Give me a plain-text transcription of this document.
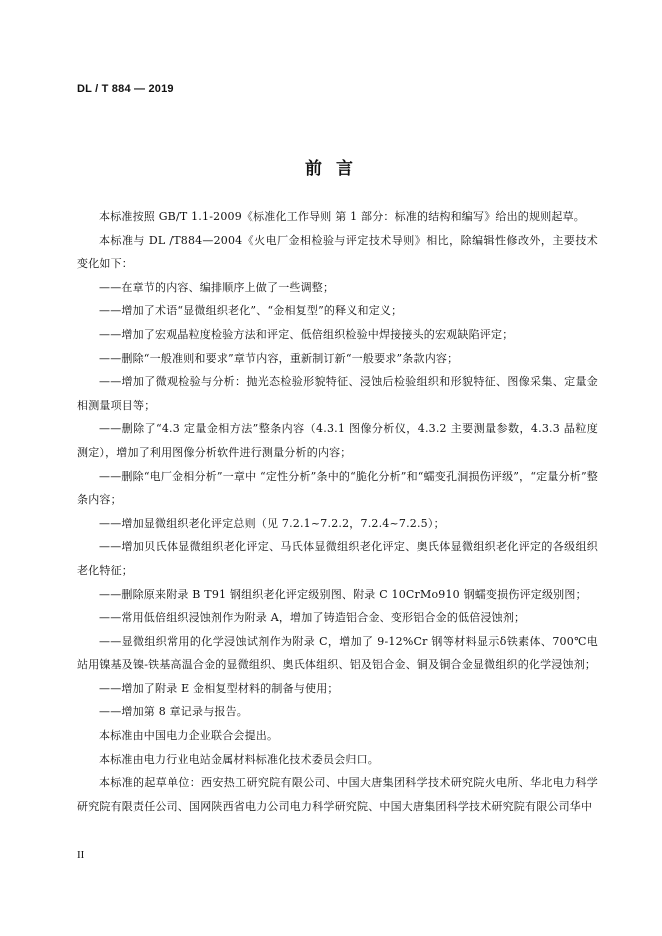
DL / T 884 — 2019
前 言

本标准按照 GB/T 1.1-2009《标准化工作导则 第 1 部分：标准的结构和编写》给出的规则起草。

本标准与 DL /T884—2004《火电厂金相检验与评定技术导则》相比，除编辑性修改外，主要技术变化如下：

——在章节的内容、编排顺序上做了一些调整；

——增加了术语“显微组织老化”、“金相复型”的释义和定义；

——增加了宏观晶粒度检验方法和评定、低倍组织检验中焊接接头的宏观缺陷评定；

——删除“一般准则和要求”章节内容，重新制订新“一般要求”条款内容；

——增加了微观检验与分析：抛光态检验形貌特征、浸蚀后检验组织和形貌特征、图像采集、定量金相测量项目等；

——删除了“4.3 定量金相方法”整条内容（4.3.1 图像分析仪，4.3.2 主要测量参数，4.3.3 晶粒度测定），增加了利用图像分析软件进行测量分析的内容；

——删除“电厂金相分析”一章中 “定性分析”条中的“脆化分析”和“蠕变孔洞损伤评级”，“定量分析”整条内容；

——增加显微组织老化评定总则（见 7.2.1~7.2.2，7.2.4~7.2.5）；

——增加贝氏体显微组织老化评定、马氏体显微组织老化评定、奥氏体显微组织老化评定的各级组织老化特征；

——删除原来附录 B T91 钢组织老化评定级别图、附录 C 10CrMo910 钢蠕变损伤评定级别图；

——常用低倍组织浸蚀剂作为附录 A，增加了铸造铝合金、变形铝合金的低倍浸蚀剂；

——显微组织常用的化学浸蚀试剂作为附录 C，增加了 9-12%Cr 钢等材料显示δ铁素体、700℃电站用镍基及镍-铁基高温合金的显微组织、奥氏体组织、铝及铝合金、铜及铜合金显微组织的化学浸蚀剂；

——增加了附录 E 金相复型材料的制备与使用；

——增加第 8 章记录与报告。

本标准由中国电力企业联合会提出。

本标准由电力行业电站金属材料标准化技术委员会归口。

本标准的起草单位：西安热工研究院有限公司、中国大唐集团科学技术研究院火电所、华北电力科学研究院有限责任公司、国网陕西省电力公司电力科学研究院、中国大唐集团科学技术研究院有限公司华中

II
